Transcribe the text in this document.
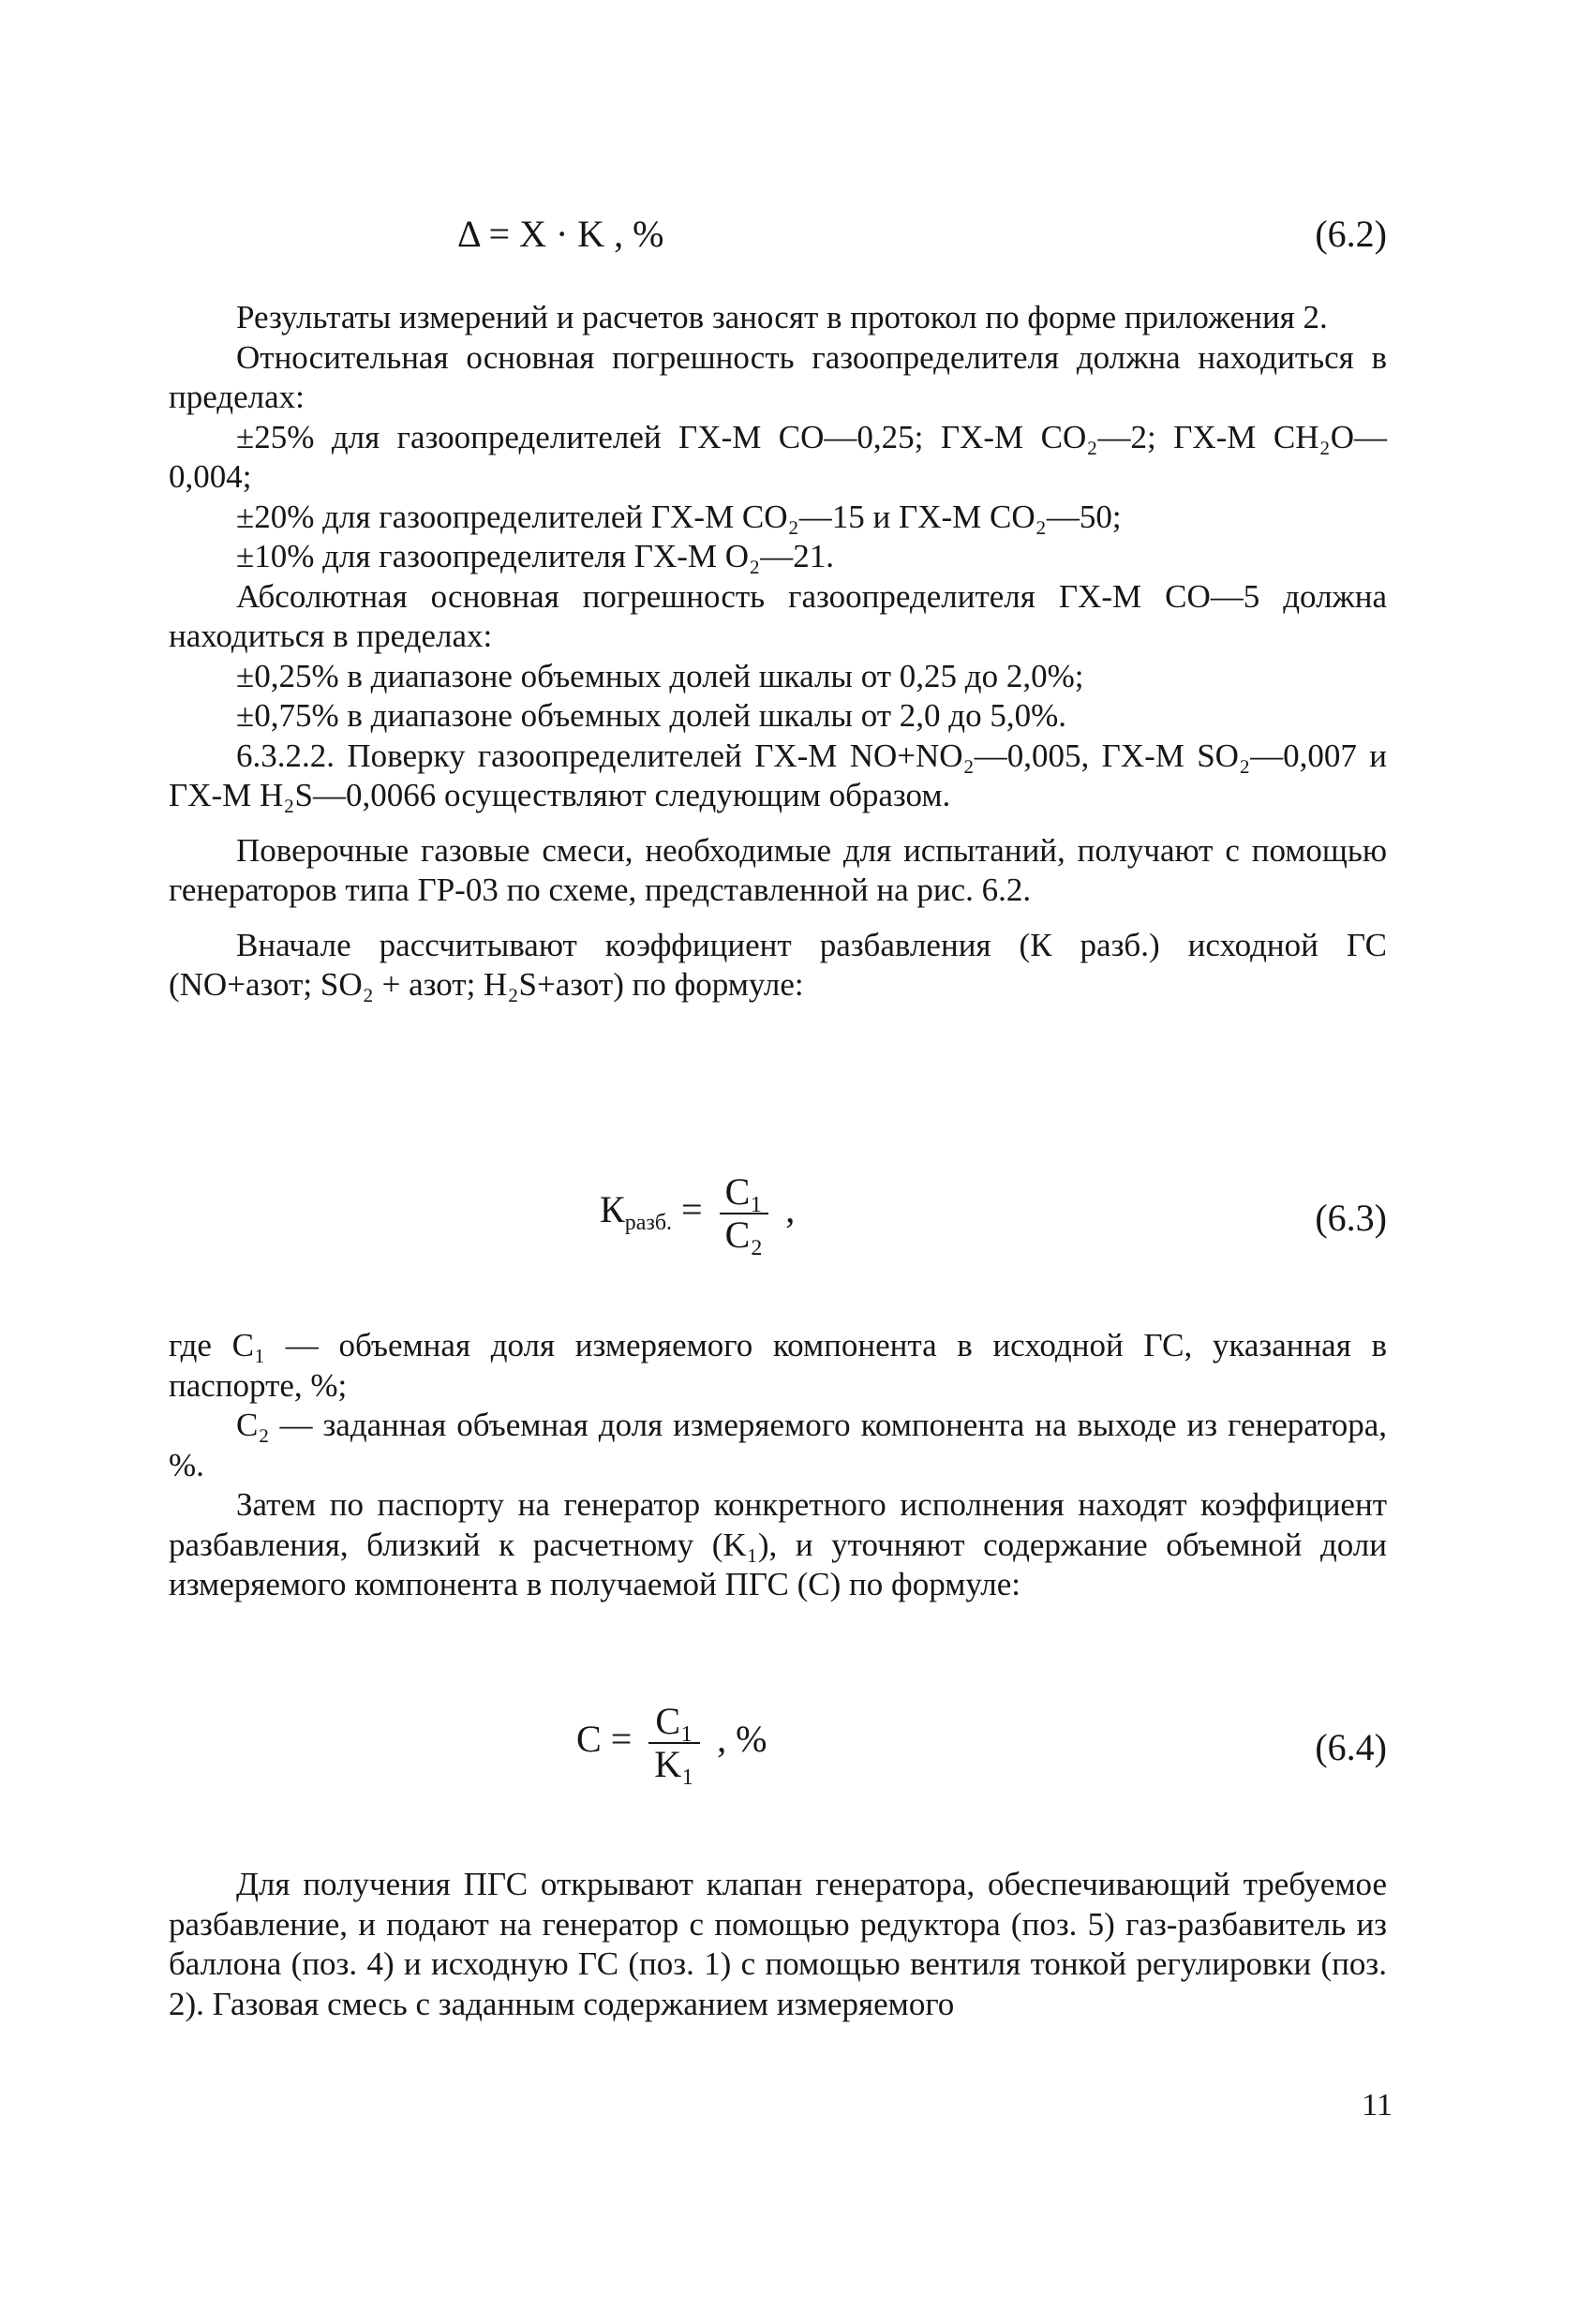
Δ = X · K , %	(6.2)

Результаты измерений и расчетов заносят в протокол по форме приложения 2.

Относительная основная погрешность газоопределителя должна находиться в пределах:

±25% для газоопределителей ГХ-М СО—0,25; ГХ-М СО₂—2; ГХ-М СН₂О—0,004;

±20% для газоопределителей ГХ-М СО₂—15 и ГХ-М СО₂—50;

±10% для газоопределителя ГХ-М О₂—21.

Абсолютная основная погрешность газоопределителя ГХ-М СО—5 должна находиться в пределах:

±0,25% в диапазоне объемных долей шкалы от 0,25 до 2,0%;

±0,75% в диапазоне объемных долей шкалы от 2,0 до 5,0%.

6.3.2.2. Поверку газоопределителей ГХ-М NO+NO₂—0,005, ГХ-М SO₂—0,007 и ГХ-М H₂S—0,0066 осуществляют следующим образом.

Поверочные газовые смеси, необходимые для испытаний, получают с помощью генераторов типа ГР-03 по схеме, представленной на рис. 6.2.

Вначале рассчитывают коэффициент разбавления (К разб.) исходной ГС (NO+азот; SO₂ + азот; H₂S+азот) по формуле:

$К_{разб.} = \frac{\text{C₁}}{\text{C₂}}$ ,	(6.3)

где C₁ — объемная доля измеряемого компонента в исходной ГС, указанная в паспорте, %;

C₂ — заданная объемная доля измеряемого компонента на выходе из генератора, %.

Затем по паспорту на генератор конкретного исполнения находят коэффициент разбавления, близкий к расчетному (K₁), и уточняют содержание объемной доли измеряемого компонента в получаемой ПГС (С) по формуле:

$С = \frac{\text{C₁}}{\text{K₁}}$ , %	(6.4)

Для получения ПГС открывают клапан генератора, обеспечивающий требуемое разбавление, и подают на генератор с помощью редуктора (поз. 5) газ-разбавитель из баллона (поз. 4) и исходную ГС (поз. 1) с помощью вентиля тонкой регулировки (поз. 2). Газовая смесь с заданным содержанием измеряемого

11
